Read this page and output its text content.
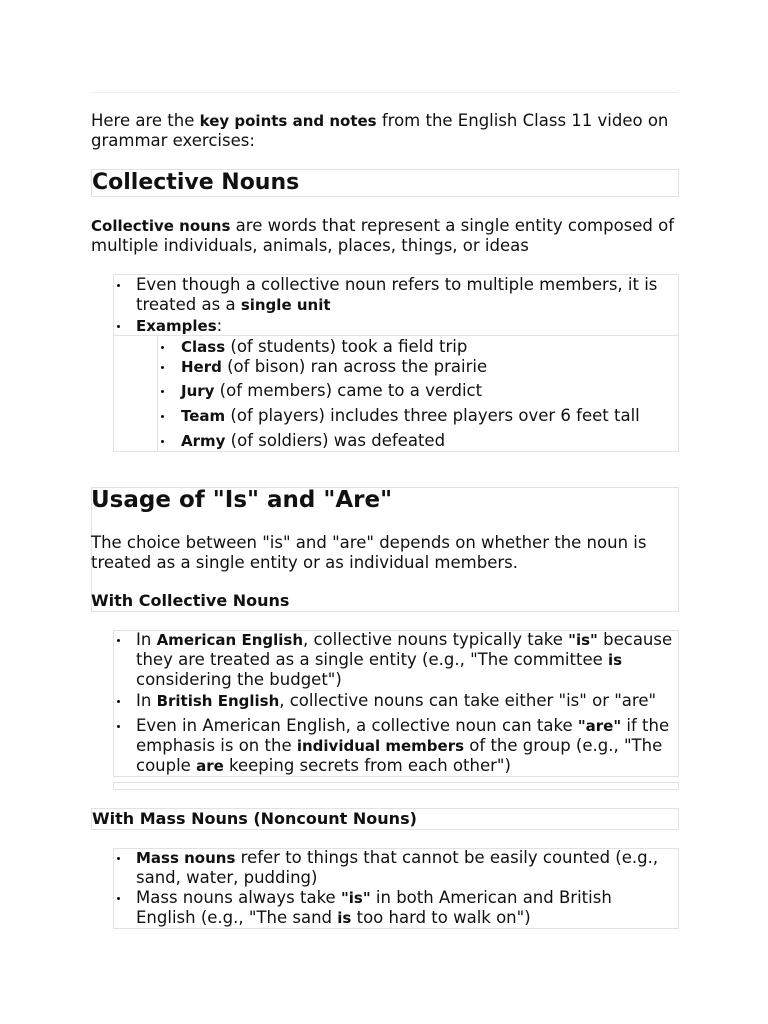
Here are the key points and notes from the English Class 11 video on grammar exercises:

Collective Nouns

Collective nouns are words that represent a single entity composed of multiple individuals, animals, places, things, or ideas

Even though a collective noun refers to multiple members, it is treated as a single unit
Examples:
Class (of students) took a field trip
Herd (of bison) ran across the prairie
Jury (of members) came to a verdict
Team (of players) includes three players over 6 feet tall
Army (of soldiers) was defeated
Usage of "Is" and "Are"

The choice between "is" and "are" depends on whether the noun is treated as a single entity or as individual members.

With Collective Nouns
In American English, collective nouns typically take "is" because they are treated as a single entity (e.g., "The committee is considering the budget")
In British English, collective nouns can take either "is" or "are"
Even in American English, a collective noun can take "are" if the emphasis is on the individual members of the group (e.g., "The couple are keeping secrets from each other")
With Mass Nouns (Noncount Nouns)
Mass nouns refer to things that cannot be easily counted (e.g., sand, water, pudding)
Mass nouns always take "is" in both American and British English (e.g., "The sand is too hard to walk on")
